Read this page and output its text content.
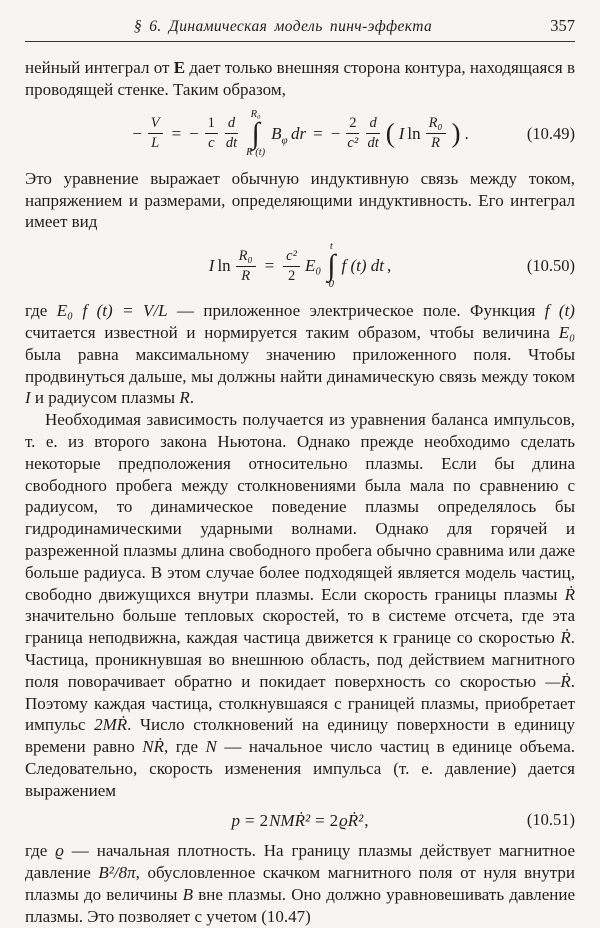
§ 6. Динамическая модель пинч-эффекта	357

нейный интеграл от E дает только внешняя сторона контура, находящаяся в проводящей стенке. Таким образом,

− $\frac{V}{L}$ = − $\frac{1}{c} \frac{d}{dt}$
R₀
∫
R (t)
$B_\varphi$  dr = − $\frac{2}{\text{c²}} \frac{d}{dt}$ ( I $\ln \frac{\text{R₀}}{R}$ ) .	(10.49)

Это уравнение выражает обычную индуктивную связь между током, напряжением и размерами, определяющими индуктивность. Его интеграл имеет вид

I $\ln \frac{\text{R₀}}{R} = \frac{\text{c²}}{2} E_0$
t
∫
0
f (t) dt ,	(10.50)

где E₀ f (t) = V/L — приложенное электрическое поле. Функция f (t) считается известной и нормируется таким образом, чтобы величина E₀ была равна максимальному значению приложенного поля. Чтобы продвинуться дальше, мы должны найти динамическую связь между током I и радиусом плазмы R.

Необходимая зависимость получается из уравнения баланса импульсов, т. е. из второго закона Ньютона. Однако прежде необходимо сделать некоторые предположения относительно плазмы. Если бы длина свободного пробега между столкновениями была мала по сравнению с радиусом, то динамическое поведение плазмы определялось бы гидродинамическими ударными волнами. Однако для горячей и разреженной плазмы длина свободного пробега обычно сравнима или даже больше радиуса. В этом случае более подходящей является модель частиц, свободно движущихся внутри плазмы. Если скорость границы плазмы Ṙ значительно больше тепловых скоростей, то в системе отсчета, где эта граница неподвижна, каждая частица движется к границе со скоростью Ṙ. Частица, проникнувшая во внешнюю область, под действием магнитного поля поворачивает обратно и покидает поверхность со скоростью —Ṙ. Поэтому каждая частица, столкнувшаяся с границей плазмы, приобретает импульс 2MṘ. Число столкновений на единицу поверхности в единицу времени равно NṘ, где N — начальное число частиц в единице объема. Следовательно, скорость изменения импульса (т. е. давление) дается выражением

p = 2 NMṘ² = 2 ϱṘ² ,	(10.51)

где ϱ — начальная плотность. На границу плазмы действует магнитное давление B²/8π, обусловленное скачком магнитного поля от нуля внутри плазмы до величины B вне плазмы. Оно должно уравновешивать давление плазмы. Это позволяет с учетом (10.47)
